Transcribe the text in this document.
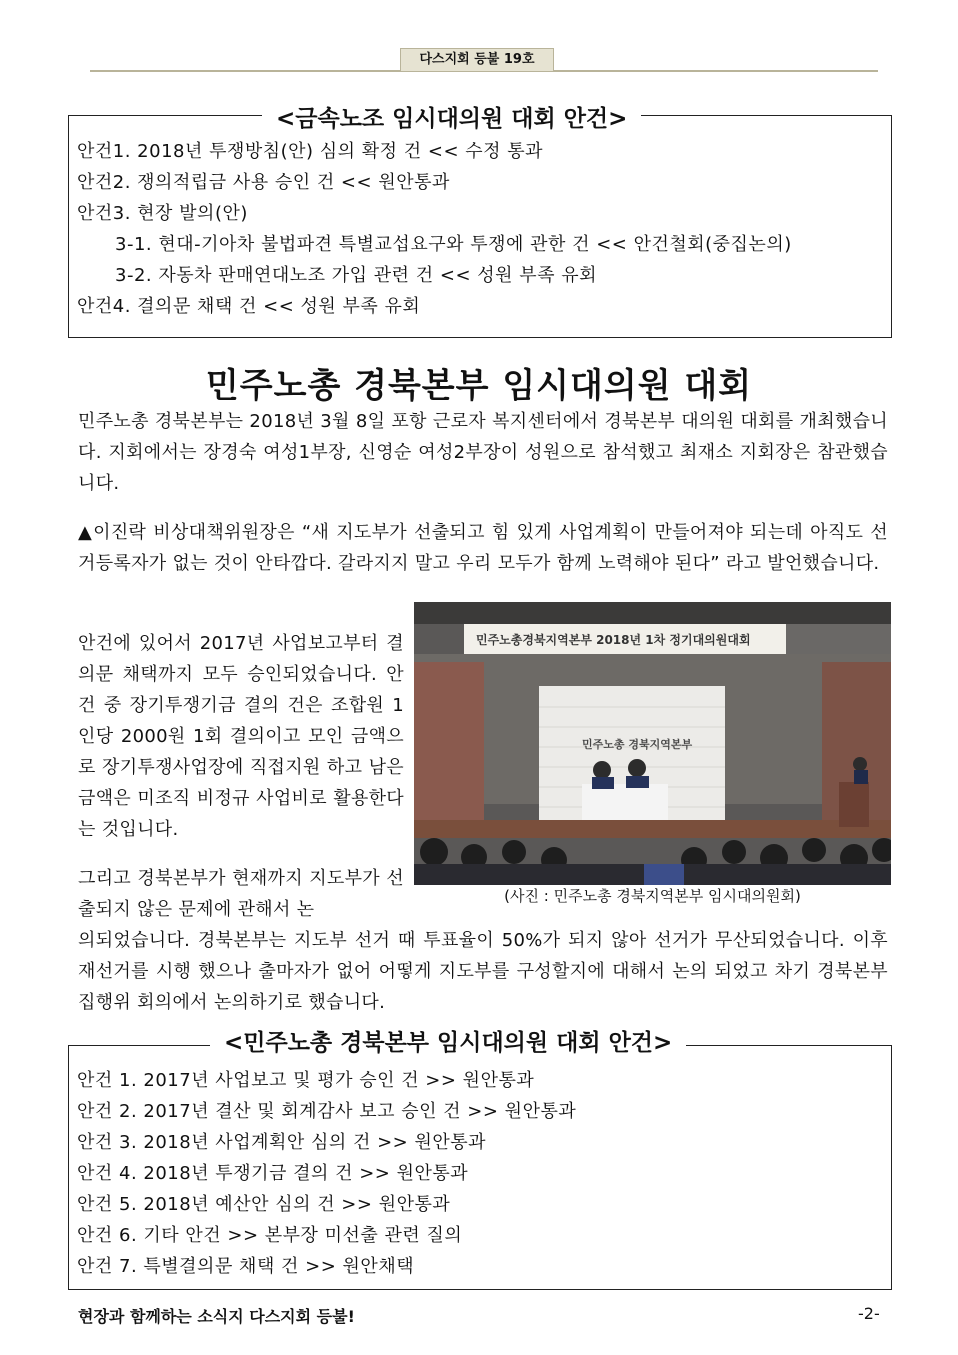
다스지회 등불 19호
안건1. 2018년 투쟁방침(안) 심의 확정 건 << 수정 통과
안건2. 쟁의적립금 사용 승인 건 << 원안통과
안건3. 현장 발의(안)
3-1. 현대-기아차 불법파견 특별교섭요구와 투쟁에 관한 건 << 안건철회(중집논의)
3-2. 자동차 판매연대노조 가입 관련 건 << 성원 부족 유회
안건4. 결의문 채택 건 << 성원 부족 유회
<금속노조 임시대의원 대회 안건>
민주노총 경북본부 임시대의원 대회

민주노총 경북본부는 2018년 3월 8일 포항 근로자 복지센터에서 경북본부 대의원 대회를 개최했습니다. 지회에서는 장경숙 여성1부장, 신영순 여성2부장이 성원으로 참석했고 최재소 지회장은 참관했습니다.

▲이진락 비상대책위원장은 “새 지도부가 선출되고 힘 있게 사업계획이 만들어져야 되는데 아직도 선거등록자가 없는 것이 안타깝다. 갈라지지 말고 우리 모두가 함께 노력해야 된다” 라고 발언했습니다.

안건에 있어서 2017년 사업보고부터 결의문 채택까지 모두 승인되었습니다. 안건 중 장기투쟁기금 결의 건은 조합원 1인당 2000원 1회 결의이고 모인 금액으로 장기투쟁사업장에 직접지원 하고 남은 금액은 미조직 비정규 사업비로 활용한다는 것입니다.

그리고 경북본부가 현재까지 지도부가 선출되지 않은 문제에 관해서 논

의되었습니다. 경북본부는 지도부 선거 때 투표율이 50%가 되지 않아 선거가 무산되었습니다. 이후 재선거를 시행 했으나 출마자가 없어 어떻게 지도부를 구성할지에 대해서 논의 되었고 차기 경북본부 집행위 회의에서 논의하기로 했습니다.

민주노총경북지역본부 2018년 1차 정기대의원대회
민주노총 경북지역본부
(사진 : 민주노총 경북지역본부 임시대의원회)
안건 1. 2017년 사업보고 및 평가 승인 건 >> 원안통과
안건 2. 2017년 결산 및 회계감사 보고 승인 건 >> 원안통과
안건 3. 2018년 사업계획안 심의 건 >> 원안통과
안건 4. 2018년 투쟁기금 결의 건 >> 원안통과
안건 5. 2018년 예산안 심의 건 >> 원안통과
안건 6. 기타 안건 >> 본부장 미선출 관련 질의
안건 7. 특별결의문 채택 건 >> 원안채택
<민주노총 경북본부 임시대의원 대회 안건>
현장과 함께하는 소식지 다스지회 등불!	-2-
